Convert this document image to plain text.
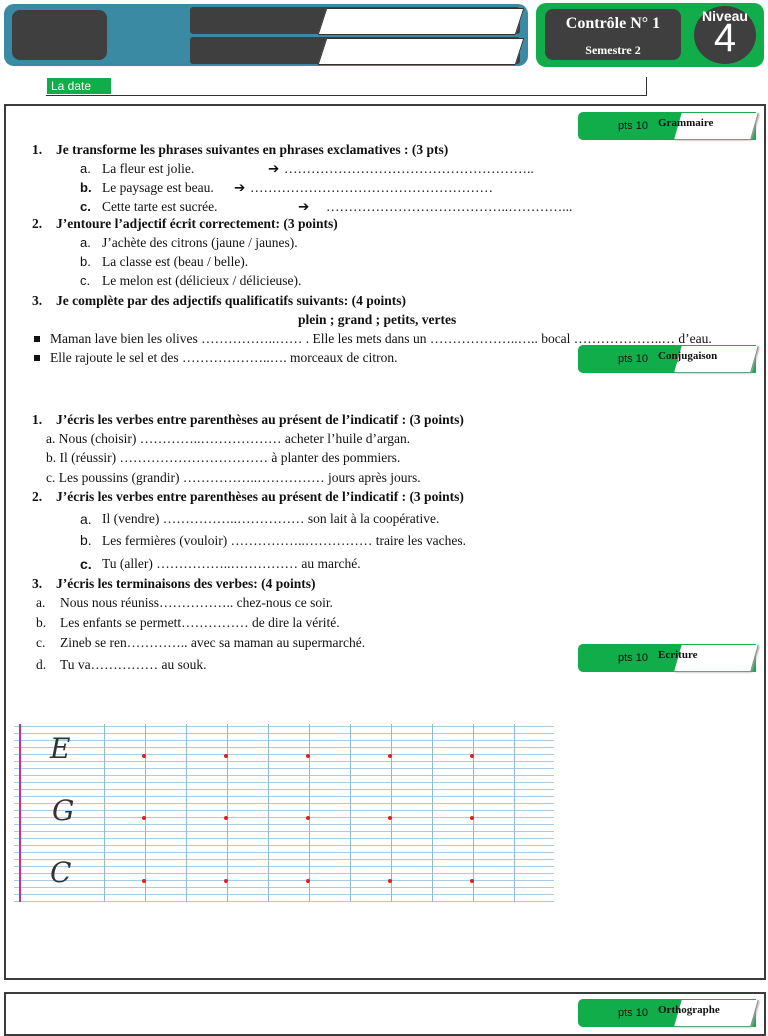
Contrôle N° 1
Semestre 2
Niveau
4
La date
pts 10 Grammaire
pts 10 Conjugaison
pts 10 Ecriture
pts 10 Orthographe
1. Je transforme les phrases suivantes en phrases exclamatives : (3 pts)
a. La fleur est jolie.	➔ ………………………………………………..
b. Le paysage est beau. ➔ ………………………………………………
c. Cette tarte est sucrée.	➔ …………………………………..…………...
2. J’entoure l’adjectif écrit correctement: (3 points)
a. J’achète des citrons (jaune / jaunes).
b. La classe est (beau / belle).
c. Le melon est (délicieux / délicieuse).
3. Je complète par des adjectifs qualificatifs suivants: (4 points)
plein ; grand ; petits, vertes
Maman lave bien les olives ……………..…… . Elle les mets dans un ………………..….. bocal ………………..… d’eau.
Elle rajoute le sel et des ………………..…. morceaux de citron.
1. J’écris les verbes entre parenthèses au présent de l’indicatif : (3 points)
a. Nous (choisir) …………..……………… acheter l’huile d’argan.
b. Il (réussir) …………………………… à planter des pommiers.
c. Les poussins (grandir) ……………..…………… jours après jours.
2. J’écris les verbes entre parenthèses au présent de l’indicatif : (3 points)
a. Il (vendre) ……………..…………… son lait à la coopérative.
b. Les fermières (vouloir) ……………..…………… traire les vaches.
c. Tu (aller) ……………..…………… au marché.
3. J’écris les terminaisons des verbes: (4 points)
a. Nous nous réuniss…………….. chez-nous ce soir.
b. Les enfants se permett…………… de dire la vérité.
c. Zineb se ren………….. avec sa maman au supermarché.
d. Tu va…………… au souk.
E
G
C
